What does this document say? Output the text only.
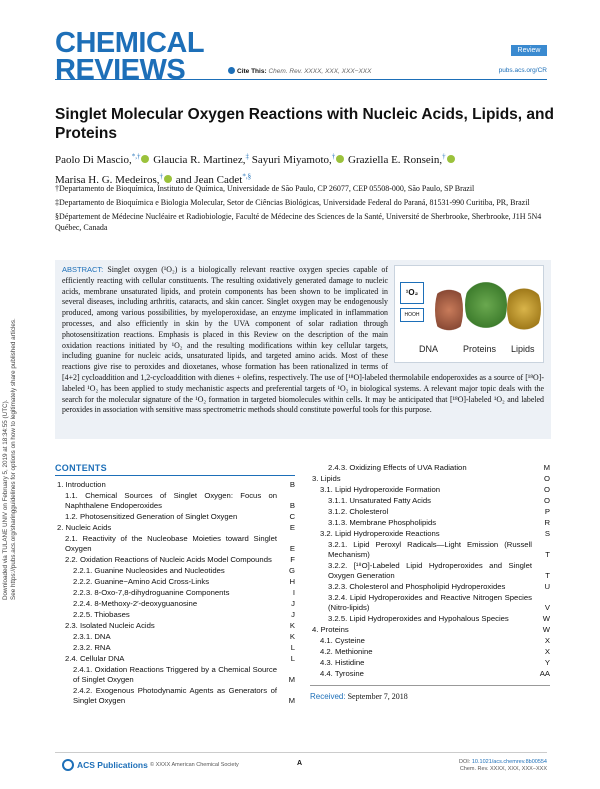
Downloaded via TULANE UNIV on February 5, 2019 at 18:34:55 (UTC). See https://pubs.acs.org/sharingguidelines for options on how to legitimately share published articles.
CHEMICAL
REVIEWS
Review
Cite This: Chem. Rev. XXXX, XXX, XXX−XXX	pubs.acs.org/CR
Singlet Molecular Oxygen Reactions with Nucleic Acids, Lipids, and Proteins
Paolo Di Mascio,*,† Glaucia R. Martinez,‡ Sayuri Miyamoto,† Graziella E. Ronsein,†
Marisa H. G. Medeiros,† and Jean Cadet*,§

†Departamento de Bioquímica, Instituto de Química, Universidade de São Paulo, CP 26077, CEP 05508-000, São Paulo, SP Brazil

‡Departamento de Bioquímica e Biologia Molecular, Setor de Ciências Biológicas, Universidade Federal do Paraná, 81531-990 Curitiba, PR, Brazil

§Département de Médecine Nucléaire et Radiobiologie, Faculté de Médecine des Sciences de la Santé, Université de Sherbrooke, Sherbrooke, J1H 5N4 Québec, Canada

¹O₂
HOOH
DNA	Proteins Lipids
ABSTRACT: Singlet oxygen (¹O₂) is a biologically relevant reactive oxygen species capable of efficiently reacting with cellular constituents. The resulting oxidatively generated damage to nucleic acids, membrane unsaturated lipids, and protein components has been shown to be implicated in several diseases, including arthritis, cataracts, and skin cancer. Singlet oxygen may be endogenously produced, among various possibilities, by myeloperoxidase, an enzyme implicated in inflammation processes, and also efficiently in skin by the UVA component of solar radiation through photosensitization reactions. Emphasis is placed in this Review on the description of the main oxidation reactions initiated by ¹O₂ and the resulting modifications within key cellular targets, including guanine for nucleic acids, unsaturated lipids, and targeted amino acids. Most of these reactions give rise to peroxides and dioxetanes, whose formation has been rationalized in terms of [4+2] cycloaddition and 1,2-cycloaddition with dienes + olefins, respectively. The use of [¹⁸O]-labeled thermolabile endoperoxides as a source of [¹⁸O]-labeled ¹O₂ has been applied to study mechanistic aspects and preferential targets of ¹O₂ in biological systems. A relevant major topic deals with the search for the molecular signature of the ¹O₂ formation in targeted biomolecules within cells. It may be anticipated that [¹⁸O]-labeled ¹O₂ and labeled peroxides in association with sensitive mass spectrometric methods should constitute powerful tools for this purpose.
CONTENTS
1. Introduction	B
1.1. Chemical Sources of Singlet Oxygen: Focus on Naphthalene Endoperoxides	B
1.2. Photosensitized Generation of Singlet Oxygen	C
2. Nucleic Acids	E
2.1. Reactivity of the Nucleobase Moieties toward Singlet Oxygen	E
2.2. Oxidation Reactions of Nucleic Acids Model Compounds F
2.2.1. Guanine Nucleosides and Nucleotides	G
2.2.2. Guanine−Amino Acid Cross-Links	H
2.2.3. 8-Oxo-7,8-dihydroguanine Components	I
2.2.4. 8-Methoxy-2′-deoxyguanosine	J
2.2.5. Thiobases	J
2.3. Isolated Nucleic Acids	K
2.3.1. DNA	K
2.3.2. RNA	L
2.4. Cellular DNA	L
2.4.1. Oxidation Reactions Triggered by a Chemical Source of Singlet Oxygen	M
2.4.2. Exogenous Photodynamic Agents as Generators of Singlet Oxygen	M
2.4.3. Oxidizing Effects of UVA Radiation	M
3. Lipids	O
3.1. Lipid Hydroperoxide Formation	O
3.1.1. Unsaturated Fatty Acids	O
3.1.2. Cholesterol	P
3.1.3. Membrane Phospholipids	R
3.2. Lipid Hydroperoxide Reactions	S
3.2.1. Lipid Peroxyl Radicals—Light Emission (Russell Mechanism)	T
3.2.2. [¹⁸O]-Labeled Lipid Hydroperoxides and Singlet Oxygen Generation	T
3.2.3. Cholesterol and Phospholipid Hydroperoxides	U
3.2.4. Lipid Hydroperoxides and Reactive Nitrogen Species (Nitro-lipids)	V
3.2.5. Lipid Hydroperoxides and Hypohalous Species	W
4. Proteins	W
4.1. Cysteine	X
4.2. Methionine	X
4.3. Histidine	Y
4.4. Tyrosine	AA
Received: September 7, 2018
ACS Publications © XXXX American Chemical Society	A	DOI: 10.1021/acs.chemrev.8b00554
Chem. Rev. XXXX, XXX, XXX−XXX
